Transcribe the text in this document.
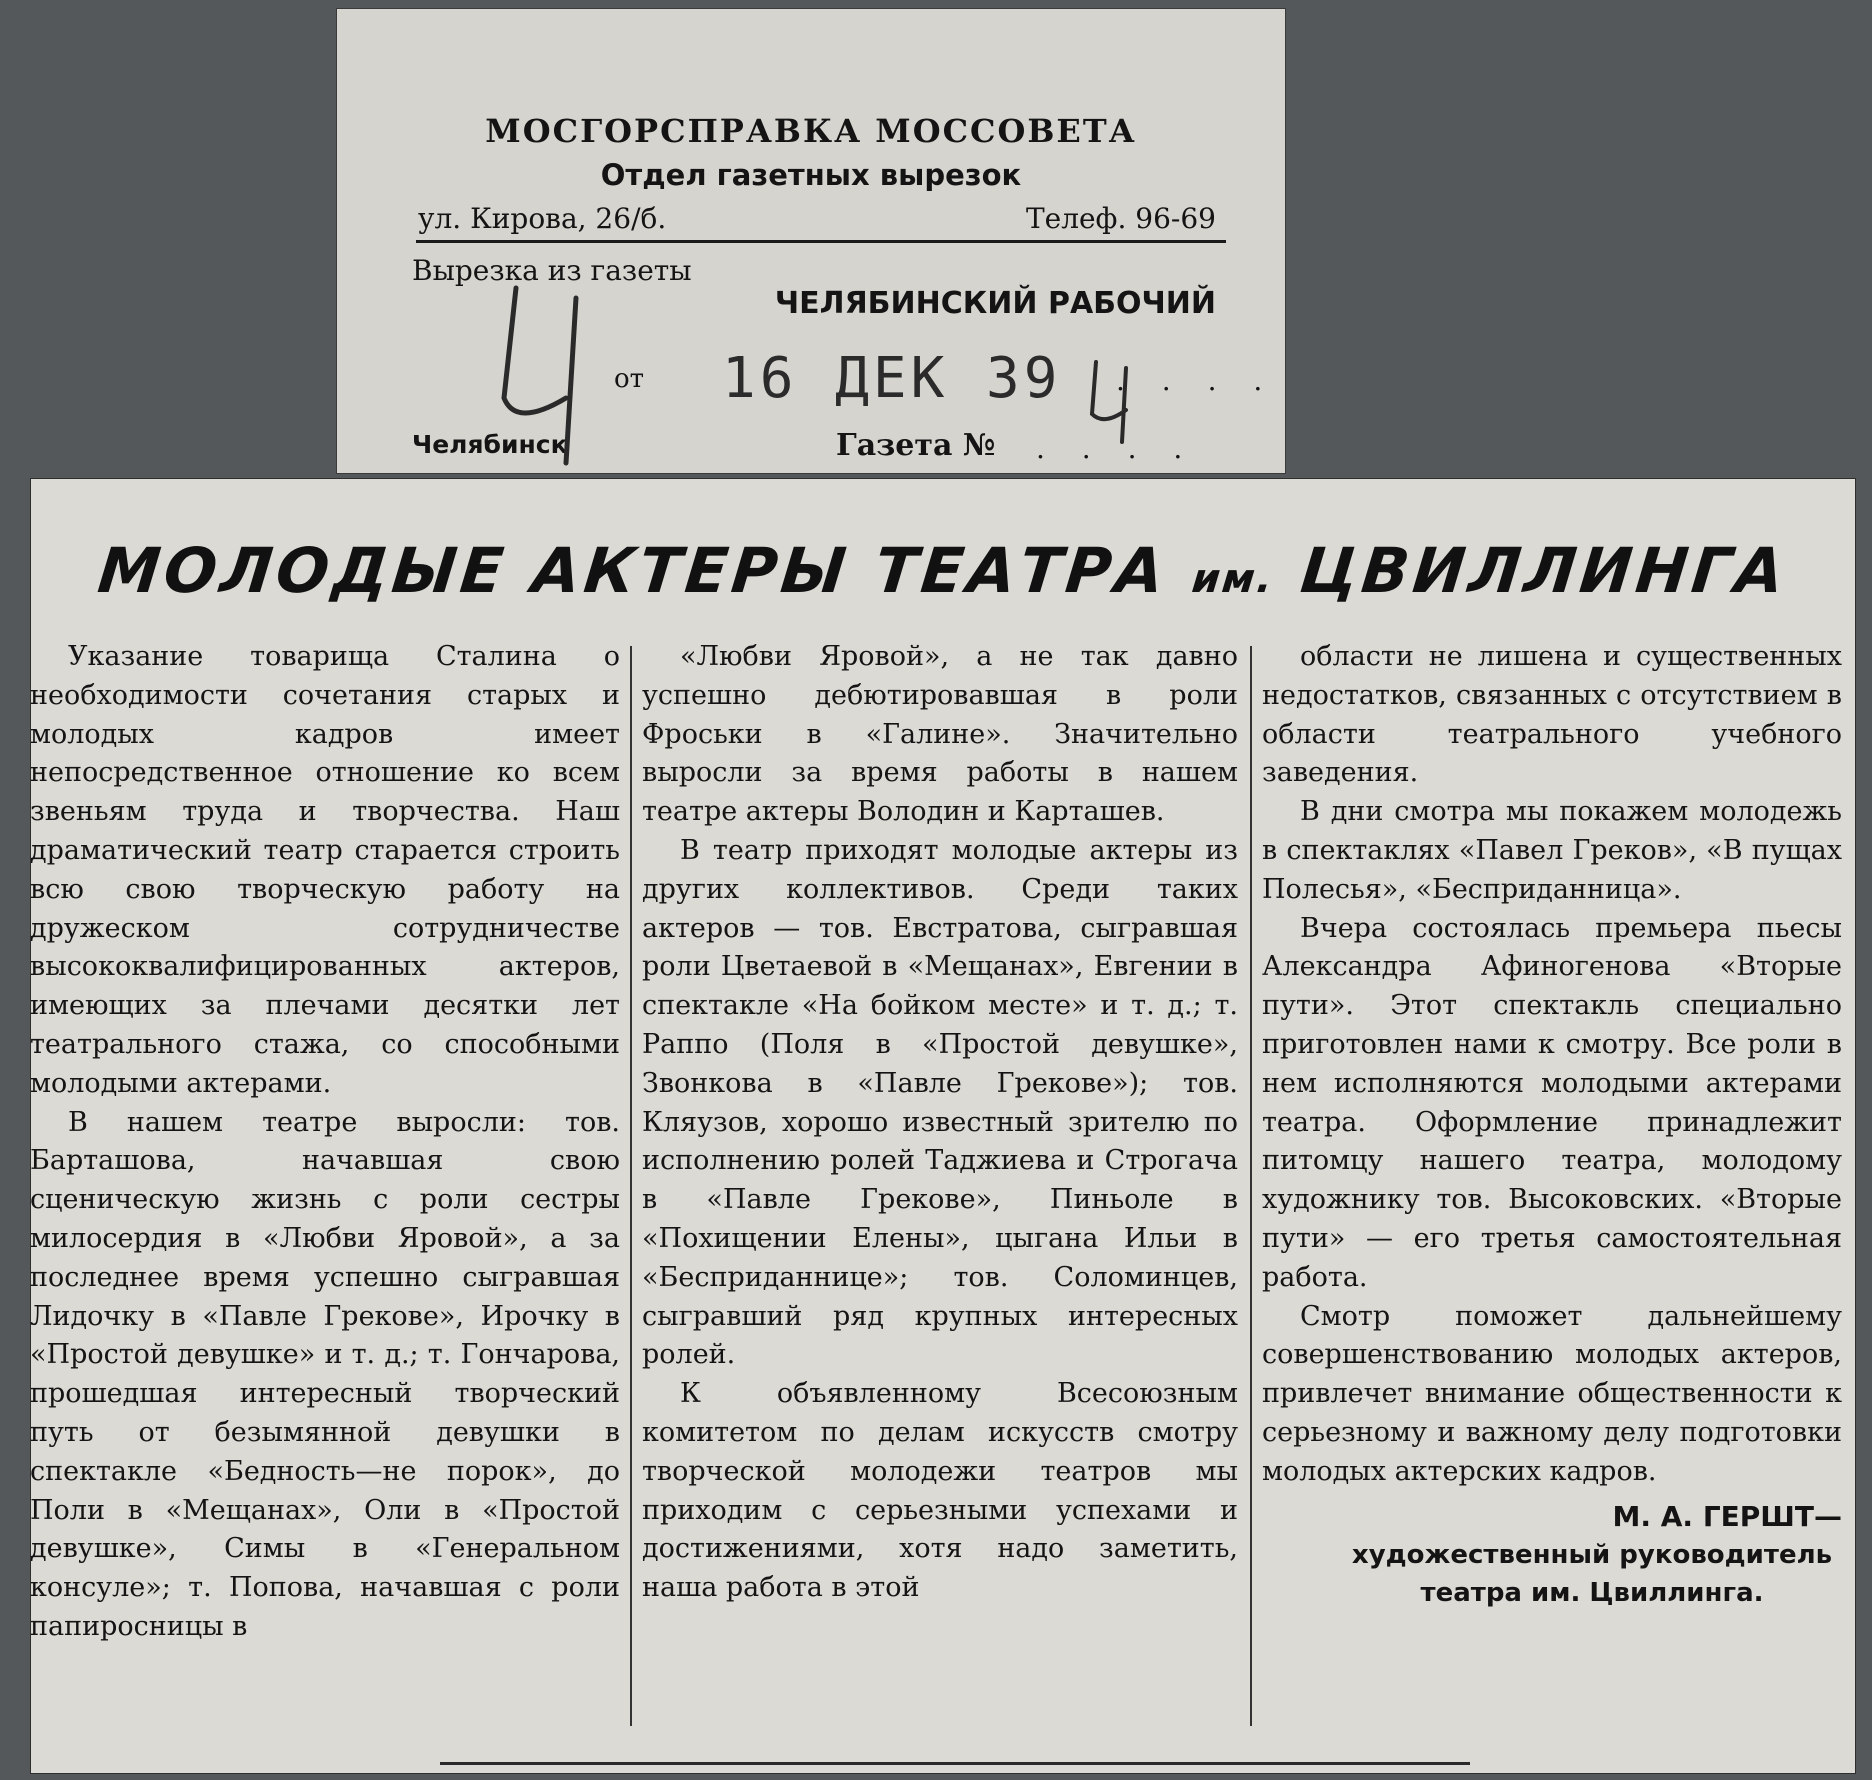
МОСГОРСПРАВКА МОССОВЕТА
Отдел газетных вырезок
ул. Кирова, 26/б.	Телеф. 96-69
Вырезка из газеты
ЧЕЛЯБИНСКИЙ РАБОЧИЙ
от 16 ДЕК 39 . . . .
Челябинск	Газета № . . . .
МОЛОДЫЕ АКТЕРЫ ТЕАТРА им. ЦВИЛЛИНГА

Указание товарища Сталина о необходимости сочетания старых и молодых кадров имеет непосредственное отношение ко всем звеньям труда и творчества. Наш драматический театр старается строить всю свою творческую работу на дружеском сотрудничестве высококвалифицированных актеров, имеющих за плечами десятки лет театрального стажа, со способными молодыми актерами.

В нашем театре выросли: тов. Барташова, начавшая свою сценическую жизнь с роли сестры милосердия в «Любви Яровой», а за последнее время успешно сыгравшая Лидочку в «Павле Грекове», Ирочку в «Простой девушке» и т. д.; т. Гончарова, прошедшая интересный творческий путь от безымянной девушки в спектакле «Бедность—не порок», до Поли в «Мещанах», Оли в «Простой девушке», Симы в «Генеральном консуле»; т. Попова, начавшая с роли папиросницы в

«Любви Яровой», а не так давно успешно дебютировавшая в роли Фроськи в «Галине». Значительно выросли за время работы в нашем театре актеры Володин и Карташев.

В театр приходят молодые актеры из других коллективов. Среди таких актеров — тов. Евстратова, сыгравшая роли Цветаевой в «Мещанах», Евгении в спектакле «На бойком месте» и т. д.; т. Раппо (Поля в «Простой девушке», Звонкова в «Павле Грекове»); тов. Кляузов, хорошо известный зрителю по исполнению ролей Таджиева и Строгача в «Павле Грекове», Пиньоле в «Похищении Елены», цыгана Ильи в «Бесприданнице»; тов. Соломинцев, сыгравший ряд крупных интересных ролей.

К объявленному Всесоюзным комитетом по делам искусств смотру творческой молодежи театров мы приходим с серьезными успехами и достижениями, хотя надо заметить, наша работа в этой

области не лишена и существенных недостатков, связанных с отсутствием в области театрального учебного заведения.

В дни смотра мы покажем молодежь в спектаклях «Павел Греков», «В пущах Полесья», «Бесприданница».

Вчера состоялась премьера пьесы Александра Афиногенова «Вторые пути». Этот спектакль специально приготовлен нами к смотру. Все роли в нем исполняются молодыми актерами театра. Оформление принадлежит питомцу нашего театра, молодому художнику тов. Высоковских. «Вторые пути» — его третья самостоятельная работа.

Смотр поможет дальнейшему совершенствованию молодых актеров, привлечет внимание общественности к серьезному и важному делу подготовки молодых актерских кадров.

М. А. ГЕРШТ—
художественный руководитель театра им. Цвиллинга.
